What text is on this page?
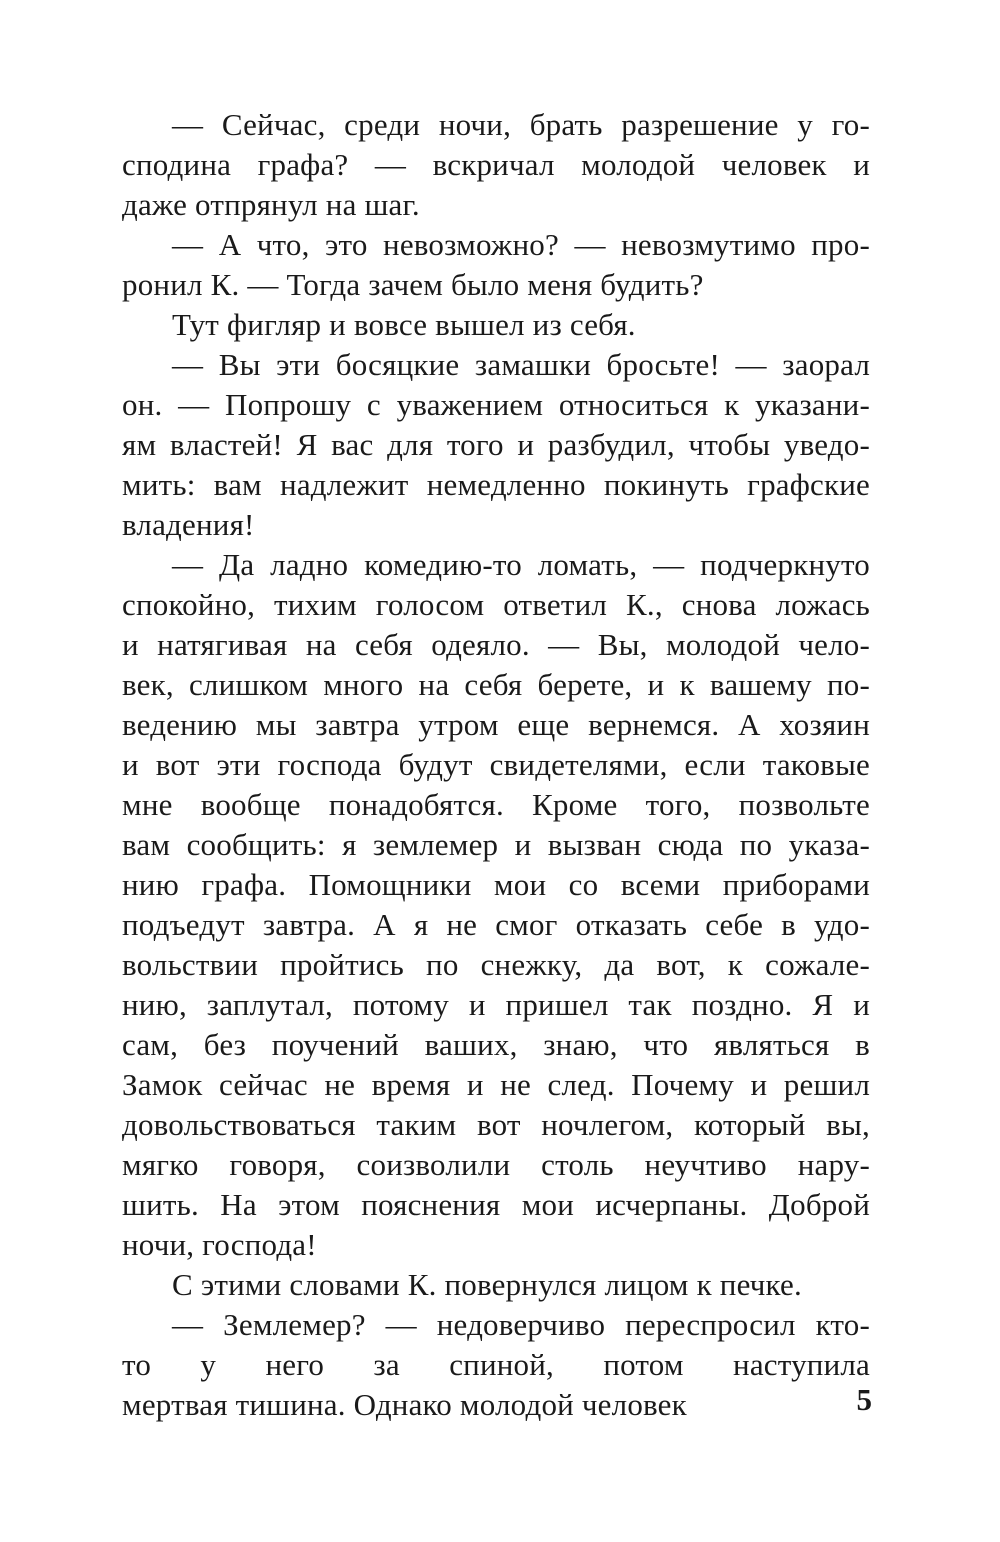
— Сейчас, среди ночи, брать разрешение у го-
сподина графа? — вскричал молодой человек и
даже отпрянул на шаг.
— А что, это невозможно? — невозмутимо про-
ронил К. — Тогда зачем было меня будить?
Тут фигляр и вовсе вышел из себя.
— Вы эти босяцкие замашки бросьте! — заорал
он. — Попрошу с уважением относиться к указани-
ям властей! Я вас для того и разбудил, чтобы уведо-
мить: вам надлежит немедленно покинуть графские
владения!
— Да ладно комедию-то ломать, — подчеркнуто
спокойно, тихим голосом ответил К., снова ложась
и натягивая на себя одеяло. — Вы, молодой чело-
век, слишком много на себя берете, и к вашему по-
ведению мы завтра утром еще вернемся. А хозяин
и вот эти господа будут свидетелями, если таковые
мне вообще понадобятся. Кроме того, позвольте
вам сообщить: я землемер и вызван сюда по указа-
нию графа. Помощники мои со всеми приборами
подъедут завтра. А я не смог отказать себе в удо-
вольствии пройтись по снежку, да вот, к сожале-
нию, заплутал, потому и пришел так поздно. Я и
сам, без поучений ваших, знаю, что являться в
Замок сейчас не время и не след. Почему и решил
довольствоваться таким вот ночлегом, который вы,
мягко говоря, соизволили столь неучтиво нару-
шить. На этом пояснения мои исчерпаны. Доброй
ночи, господа!
С этими словами К. повернулся лицом к печке.
— Землемер? — недоверчиво переспросил кто-
то у него за спиной, потом наступила
мертвая тишина. Однако молодой человек	5
